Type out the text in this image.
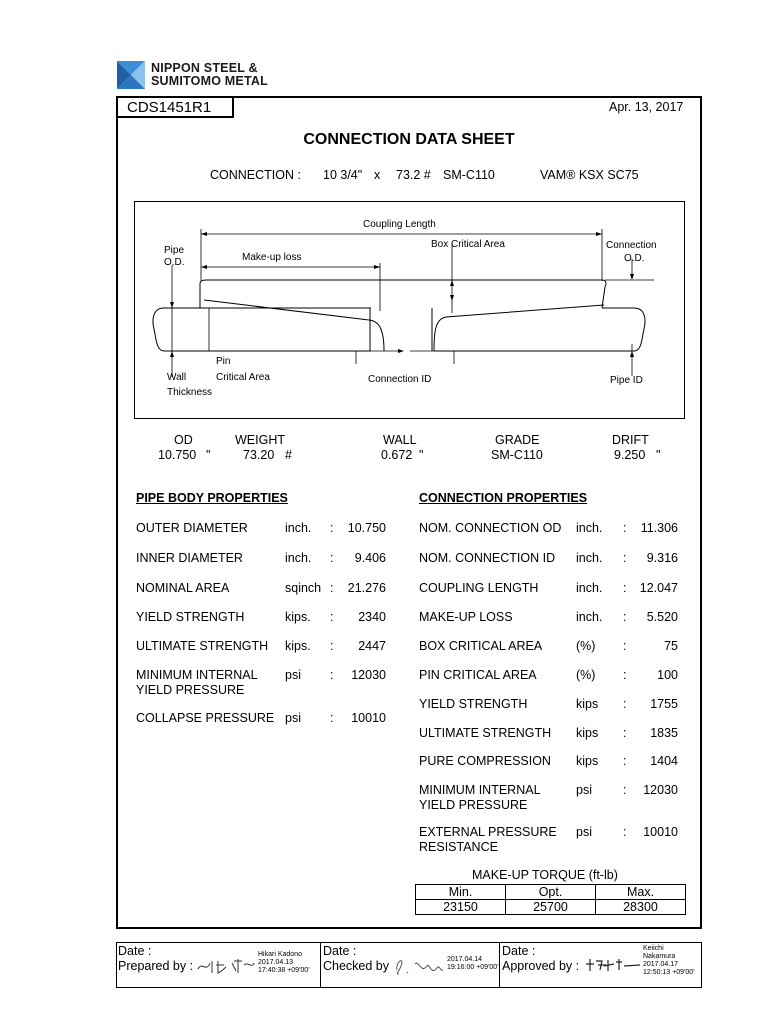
NIPPON STEEL &
SUMITOMO METAL
CDS1451R1	Apr. 13, 2017
CONNECTION DATA SHEET
CONNECTION : 10 3/4" x 73.2 # SM-C110	VAM® KSX SC75
Coupling Length
Box Critical Area
Pipe
O.D.	Make-up loss
Connection
O.D.
Pin
Critical Area
Wall
Thickness
Connection ID	Pipe ID
OD	WEIGHT	WALL	GRADE	DRIFT
10.750 "	73.20 #	0.672 "	SM-C110	9.250 "
PIPE BODY PROPERTIES	CONNECTION PROPERTIES
OUTER DIAMETER	inch. :	10.750
INNER DIAMETER	inch. :	9.406
NOMINAL AREA	sqinch :	21.276
YIELD STRENGTH	kips. :	2340
ULTIMATE STRENGTH	kips. :	2447
MINIMUM INTERNAL
YIELD PRESSURE
psi :	12030
COLLAPSE PRESSURE psi :	10010
NOM. CONNECTION OD	inch. :	11.306
NOM. CONNECTION ID	inch. :	9.316
COUPLING LENGTH	inch. :	12.047
MAKE-UP LOSS	inch. :	5.520
BOX CRITICAL AREA	(%) :	75
PIN CRITICAL AREA	(%) :	100
YIELD STRENGTH	kips :	1755
ULTIMATE STRENGTH	kips :	1835
PURE COMPRESSION	kips :	1404
MINIMUM INTERNAL
YIELD PRESSURE
psi :	12030
EXTERNAL PRESSURE
RESISTANCE
psi :	10010
MAKE-UP TORQUE (ft-lb)
Min.	Opt.	Max.
23150	25700	28300
Date :
Prepared by :
Hikari Kadono
2017.04.13
17:40:38 +09'00'
Date :
Checked by	2017.04.14
19:16:00 +09'00'
Date :
Approved by :
Keiichi
Nakamura
2017.04.17
12:50:13 +09'00'
